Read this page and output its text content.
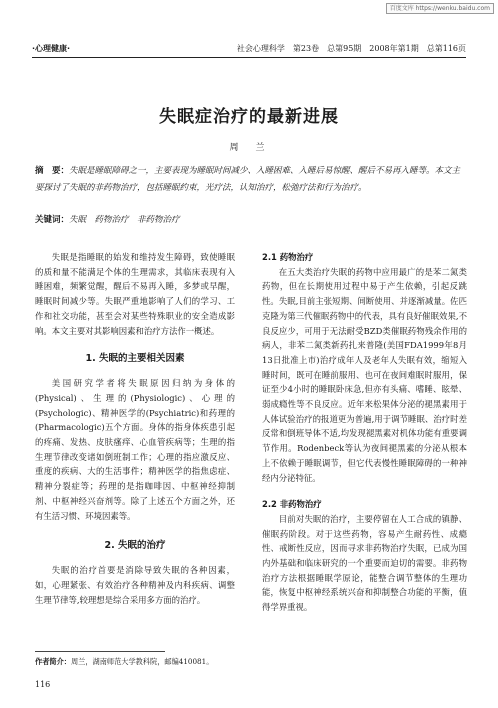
百度文库 https://wenku.baidu.com
·心理健康·	社会心理科学　第23卷　总第95期　2008年第1期　总第116页
失眠症治疗的最新进展
周　兰
摘　要：失眠是睡眠障碍之一，主要表现为睡眠时间减少、入睡困难、入睡后易惊醒、醒后不易再入睡等。本文主要探讨了失眠的非药物治疗，包括睡眠约束，光疗法，认知治疗，松弛疗法和行为治疗。
关键词：失眠　药物治疗　非药物治疗

失眠是指睡眠的始发和维持发生障碍，致使睡眠的质和量不能满足个体的生理需求，其临床表现有入睡困难，频繁觉醒，醒后不易再入睡，多梦或早醒，睡眠时间减少等。失眠严重地影响了人们的学习、工作和社交功能，甚至会对某些特殊职业的安全造成影响。本文主要对其影响因素和治疗方法作一概述。

1. 失眠的主要相关因素

美国研究学者将失眠原因归纳为身体的(Physical)、生理的(Physiologic)、心理的(Psychologic)、精神医学的(Psychiatric)和药理的(Pharmacologic)五个方面。身体的指身体疾患引起的疼痛、发热、皮肤瘙痒、心血管疾病等；生理的指生理节律改变诸如倒班制工作；心理的指应激反应、重度的疾病、大的生活事件；精神医学的指焦虑症、精神分裂症等；药理的是指咖啡因、中枢神经抑制剂、中枢神经兴奋剂等。除了上述五个方面之外，还有生活习惯、环境因素等。

2. 失眠的治疗

失眠的治疗首要是消除导致失眠的各种因素，如，心理紧张、有效治疗各种精神及内科疾病、调整生理节律等,较理想是综合采用多方面的治疗。

2.1 药物治疗

在五大类治疗失眠的药物中应用最广的是苯二氮类药物，但在长期使用过程中易于产生依赖，引起反跳性。失眠,目前主张短期、间断使用、并逐渐减量。佐匹克隆为第三代催眠药物中的代表，具有良好催眠效果,不良反应少，可用于无法耐受BZD类催眠药物残余作用的病人，非苯二氮类新药扎来普隆(美国FDA1999年8月13日批准上市)治疗成年人及老年人失眠有效，缩短入睡时间，既可在睡前服用、也可在夜间难眠时服用，保证至少4小时的睡眠卧床急,但亦有头痛、嗜睡、眩晕、弱成瘾性等不良反应。近年来松果体分泌的褪黑素用于人体试验治疗的报道更为普遍,用于调节睡眠、治疗时差反常和倒班导体不适,均发现褪黑素对机体功能有重要调节作用。Rodenbeck等认为夜间褪黑素的分泌从根本上不依赖于睡眠调节，但它代表慢性睡眠障碍的一种神经内分泌特征。

2.2 非药物治疗

目前对失眠的治疗，主要停留在人工合成的镇静、催眠药阶段。对于这些药物，容易产生耐药性、成瘾性、戒断性反应，因而寻求非药物治疗失眠，已成为国内外基础和临床研究的一个重要而迫切的需要。非药物治疗方法根据睡眠学原论，能整合调节整体的生理功能，恢复中枢神经系统兴奋和抑制整合功能的平衡，值得学界重视。

作者简介：周兰，湖南师范大学教科院，邮编410081。
116
